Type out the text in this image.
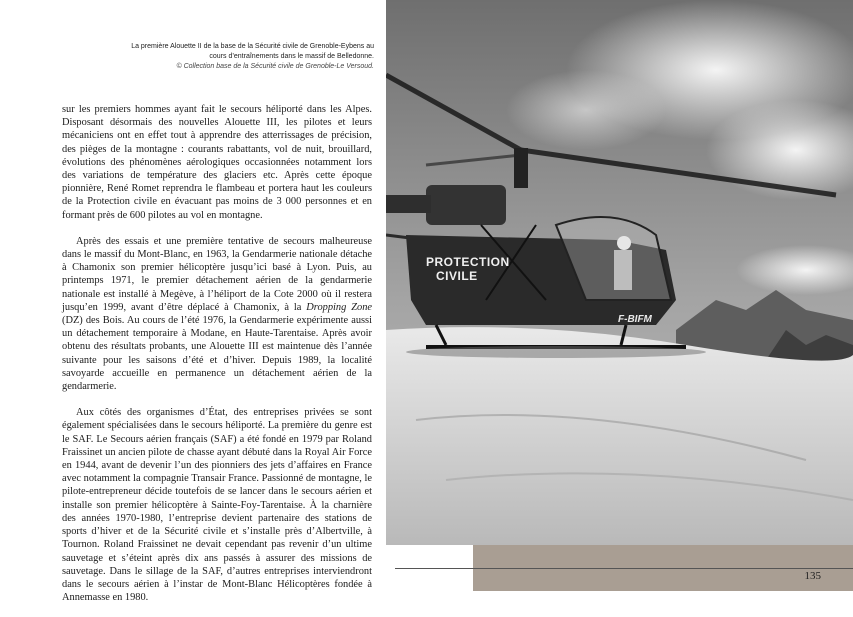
La première Alouette II de la base de la Sécurité civile de Grenoble-Eybens au cours d’entraînements dans le massif de Belledonne.
© Collection base de la Sécurité civile de Grenoble-Le Versoud.

sur les premiers hommes ayant fait le secours héliporté dans les Alpes. Disposant désormais des nouvelles Alouette III, les pilotes et leurs mécaniciens ont en effet tout à apprendre des atterrissages de précision, des pièges de la montagne : courants rabattants, vol de nuit, brouillard, évolutions des phénomènes aérologiques occasionnées notamment lors des variations de température des glaciers etc. Après cette époque pionnière, René Romet reprendra le flambeau et portera haut les couleurs de la Protection civile en évacuant pas moins de 3 000 personnes et en formant près de 600 pilotes au vol en montagne.

Après des essais et une première tentative de secours malheureuse dans le massif du Mont-Blanc, en 1963, la Gendarmerie nationale détache à Chamonix son premier hélicoptère jusqu’ici basé à Lyon. Puis, au printemps 1971, le premier détachement aérien de la gendarmerie nationale est installé à Megève, à l’héliport de la Cote 2000 où il restera jusqu’en 1999, avant d’être déplacé à Chamonix, à la Dropping Zone (DZ) des Bois. Au cours de l’été 1976, la Gendarmerie expérimente aussi un détachement temporaire à Modane, en Haute-Tarentaise. Après avoir obtenu des résultats probants, une Alouette III est maintenue dès l’année suivante pour les saisons d’été et d’hiver. Depuis 1989, la localité savoyarde accueille en permanence un détachement aérien de la gendarmerie.

Aux côtés des organismes d’État, des entreprises privées se sont également spécialisées dans le secours héliporté. La première du genre est le SAF. Le Secours aérien français (SAF) a été fondé en 1979 par Roland Fraissinet un ancien pilote de chasse ayant débuté dans la Royal Air Force en 1944, avant de devenir l’un des pionniers des jets d’affaires en France avec notamment la compagnie Transair France. Passionné de montagne, le pilote-entrepreneur décide toutefois de se lancer dans le secours aérien et installe son premier hélicoptère à Sainte-Foy-Tarentaise. À la charnière des années 1970-1980, l’entreprise devient partenaire des stations de sports d’hiver et de la Sécurité civile et s’installe près d’Albertville, à Tournon. Roland Fraissinet ne devait cependant pas revenir d’un ultime sauvetage et s’éteint après dix ans passés à assurer des missions de sauvetage. Dans le sillage de la SAF, d’autres entreprises interviendront dans le secours aérien à l’instar de Mont-Blanc Hélicoptères fondée à Annemasse en 1980.

PROTECTION CIVILE
F-BIFM
135
